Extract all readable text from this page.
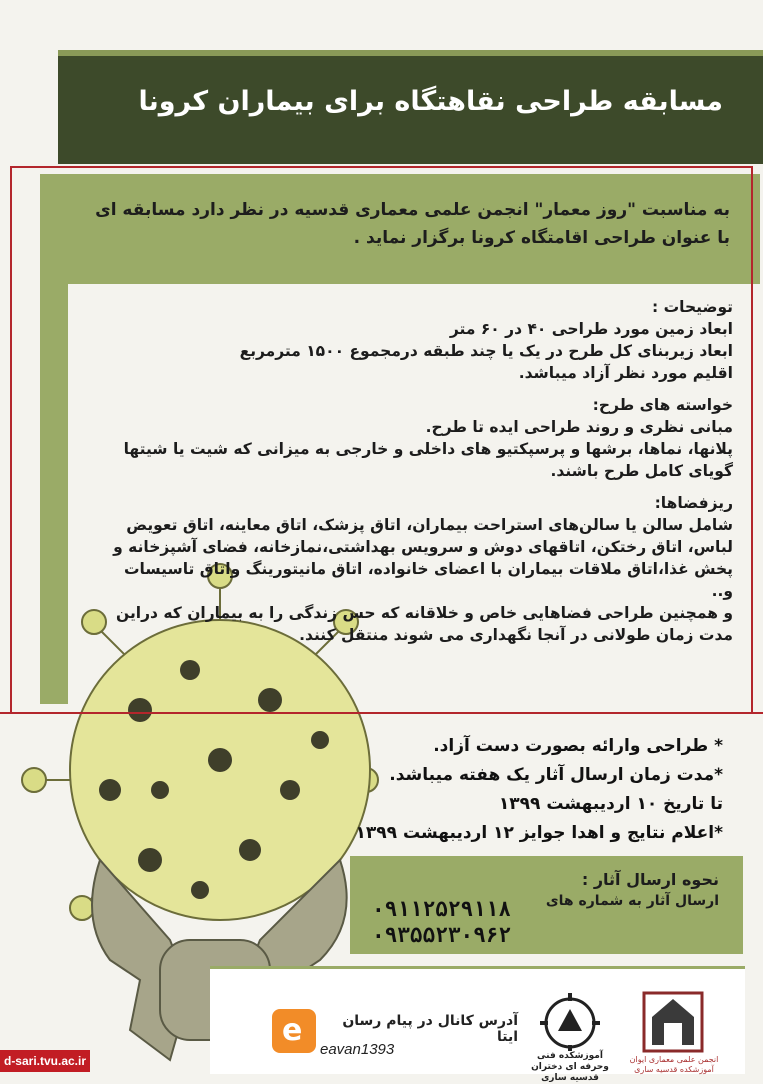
مسابقه طراحی نقاهتگاه برای بیماران کرونا
به مناسبت "روز معمار" انجمن علمی معماری قدسیه در نظر دارد مسابقه ای
با عنوان طراحی اقامتگاه کرونا برگزار نماید .
توضیحات :
ابعاد زمین مورد طراحی ۴۰ در ۶۰ متر
ابعاد زیربنای کل طرح در یک یا چند طبقه درمجموع ۱۵۰۰ مترمربع
اقلیم مورد نظر آزاد میباشد.
خواسته های طرح:
مبانی نظری و روند طراحی ایده تا طرح.
پلانها، نماها، برشها و پرسپکتیو های داخلی و خارجی به میزانی که شیت یا شیتها
گویای کامل طرح باشند.
ریزفضاها:
شامل سالن یا سالن‌های استراحت بیماران، اتاق پزشک، اتاق معاینه، اتاق تعویض
لباس، اتاق رختکن، اتاقهای دوش و سرویس بهداشتی،نمازخانه، فضای آشپزخانه و
پخش غذا،اتاق ملاقات بیماران با اعضای خانواده، اتاق مانیتورینگ واتاق تاسیسات
و..
و همچنین طراحی فضاهایی خاص و خلاقانه که حس زندگی را به بیماران که دراین
مدت زمان طولانی در آنجا نگهداری می شوند منتقل کنند.
* طراحی وارائه بصورت دست آزاد.
*مدت زمان ارسال آثار یک هفته میباشد.
تا تاریخ ۱۰ اردیبهشت ۱۳۹۹
*اعلام نتایج و اهدا جوایز ۱۲ اردیبهشت ۱۳۹۹
نحوه ارسال آثار :
ارسال آثار به شماره های
۰۹۱۱۲۵۲۹۱۱۸
۰۹۳۵۵۲۳۰۹۶۲
e	آدرس کانال در پیام رسان ایتا
eavan1393	آموزشکده فنی وحرفه ای دختران قدسیه ساری
انجمن علمی معماری ایوان آموزشکده قدسیه ساری
d-sari.tvu.ac.ir
